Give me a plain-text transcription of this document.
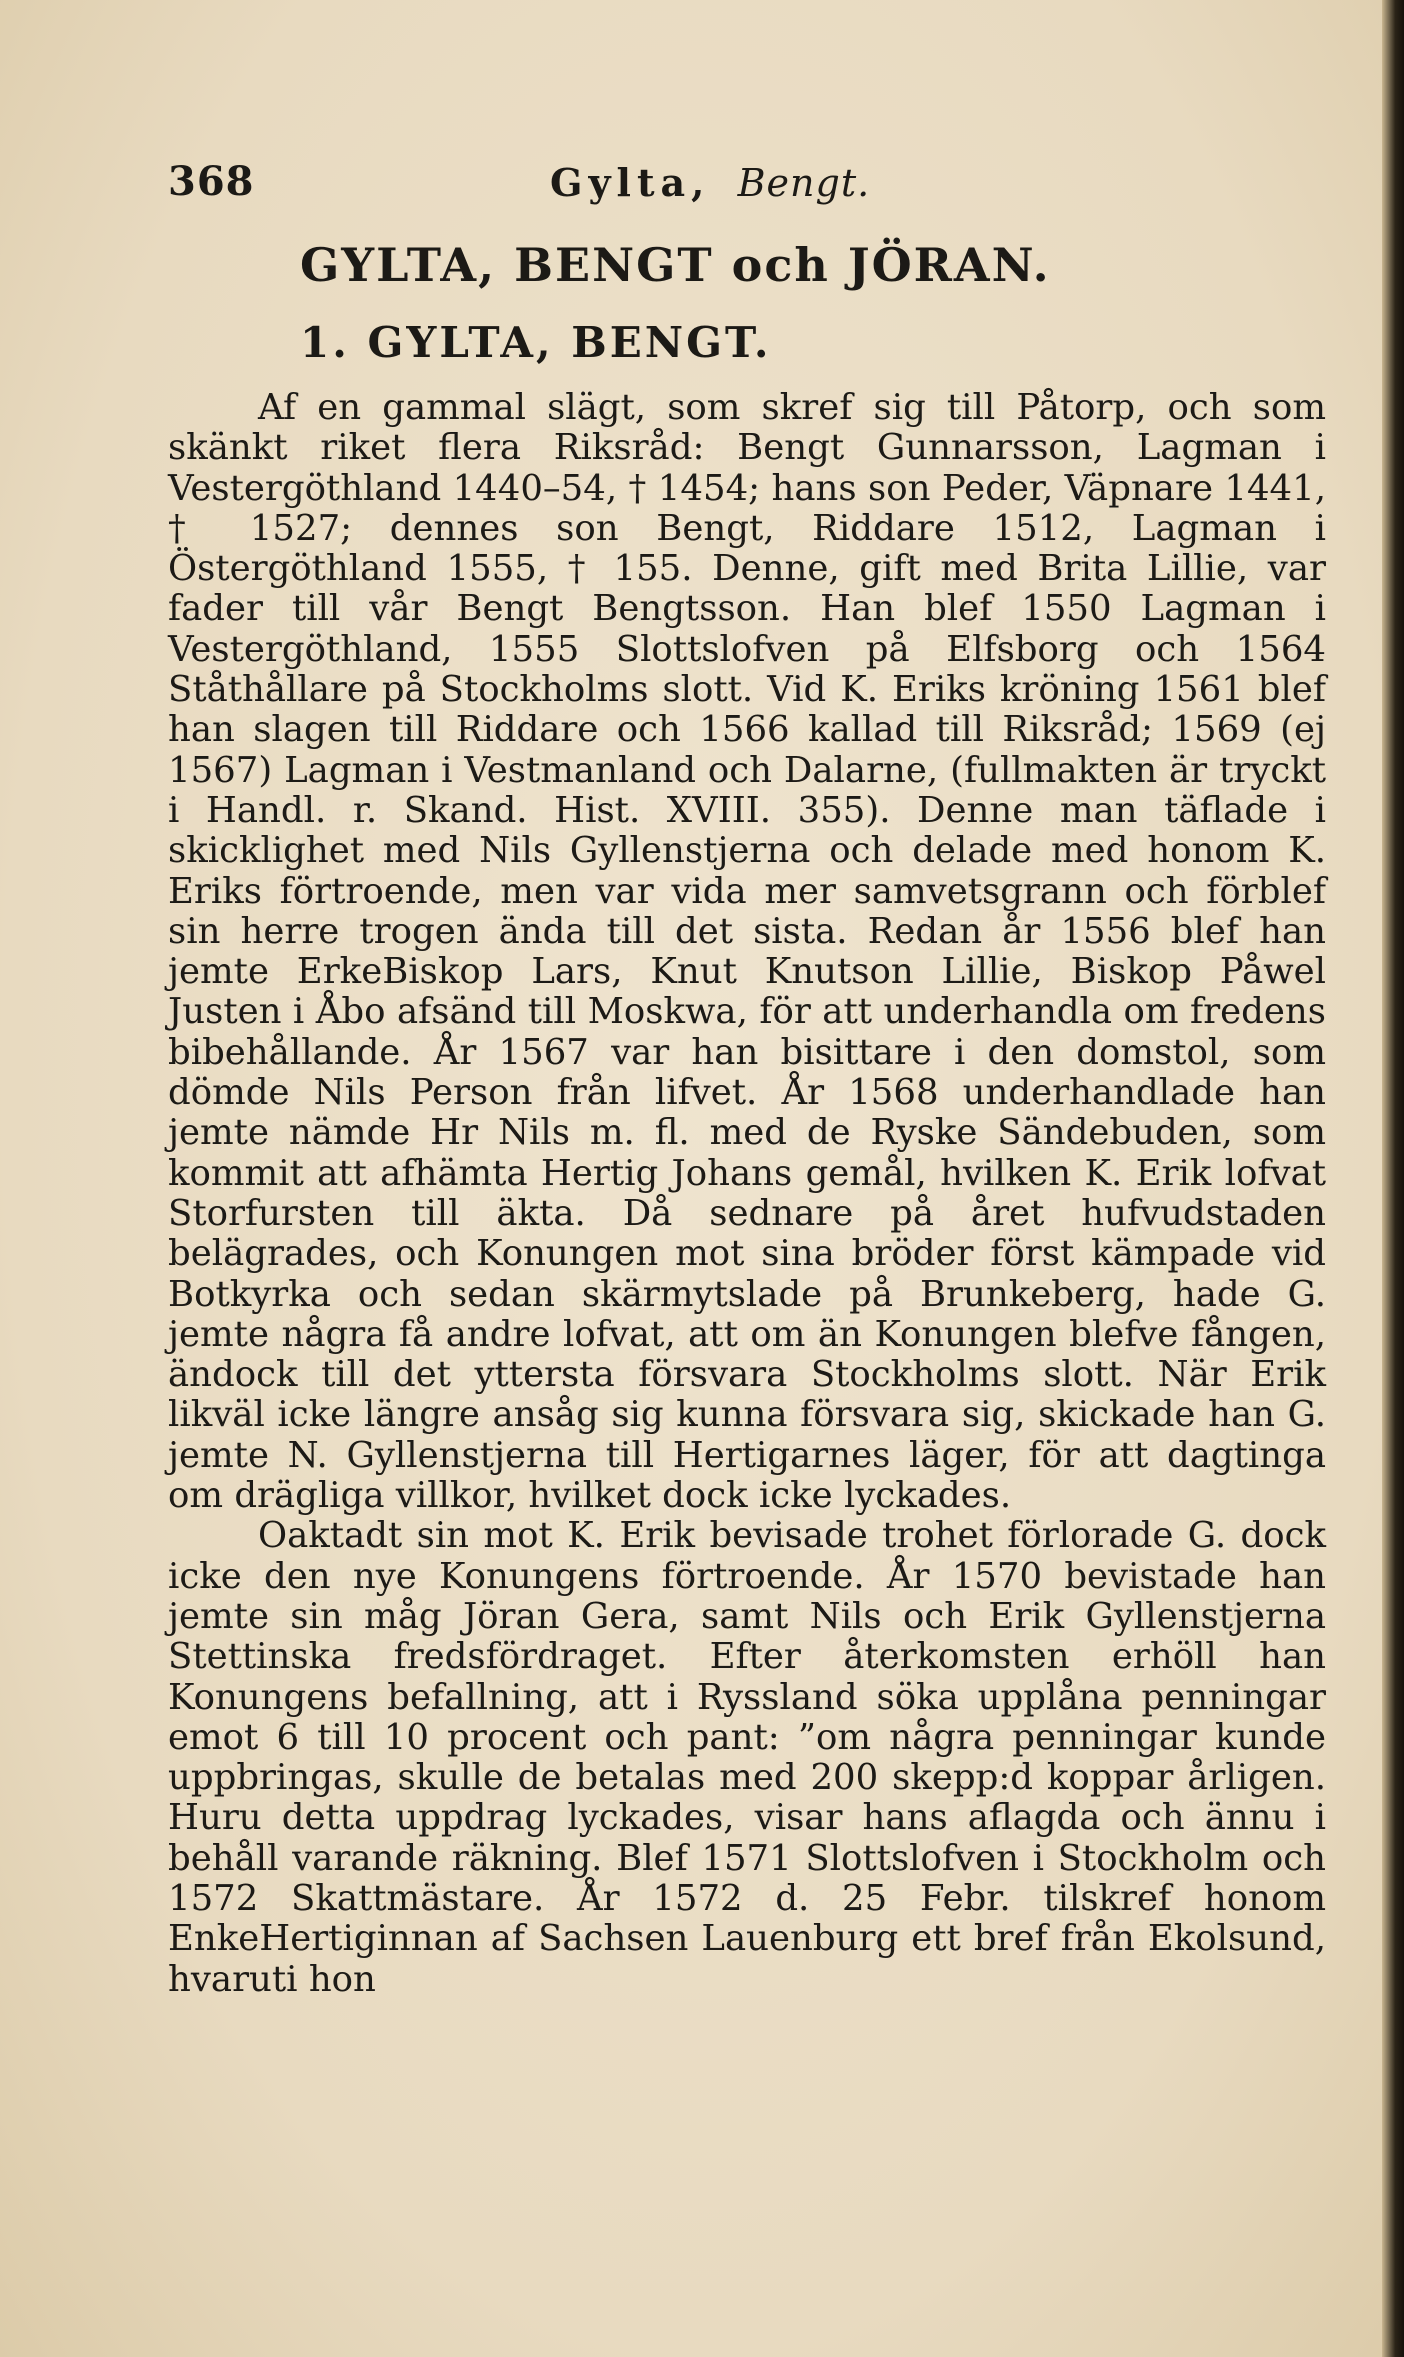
368	Gylta, Bengt.
GYLTA, BENGT och JÖRAN.
1. GYLTA, BENGT.

Af en gammal slägt, som skref sig till Påtorp, och som skänkt riket flera Riksråd: Bengt Gunnarsson, Lagman i Vestergöthland 1440–54, † 1454; hans son Peder, Väpnare 1441, † 1527; dennes son Bengt, Riddare 1512, Lagman i Östergöthland 1555, † 155. Denne, gift med Brita Lillie, var fader till vår Bengt Bengtsson. Han blef 1550 Lagman i Vestergöthland, 1555 Slottslofven på Elfsborg och 1564 Ståthållare på Stockholms slott. Vid K. Eriks kröning 1561 blef han slagen till Riddare och 1566 kallad till Riksråd; 1569 (ej 1567) Lagman i Vestmanland och Dalarne, (fullmakten är tryckt i Handl. r. Skand. Hist. XVIII. 355). Denne man täflade i skicklighet med Nils Gyllenstjerna och delade med honom K. Eriks förtroende, men var vida mer samvetsgrann och förblef sin herre trogen ända till det sista. Redan år 1556 blef han jemte ErkeBiskop Lars, Knut Knutson Lillie, Biskop Påwel Justen i Åbo afsänd till Moskwa, för att underhandla om fredens bibehållande. År 1567 var han bisittare i den domstol, som dömde Nils Person från lifvet. År 1568 underhandlade han jemte nämde Hr Nils m. fl. med de Ryske Sändebuden, som kommit att afhämta Hertig Johans gemål, hvilken K. Erik lofvat Storfursten till äkta. Då sednare på året hufvudstaden belägrades, och Konungen mot sina bröder först kämpade vid Botkyrka och sedan skärmytslade på Brunkeberg, hade G. jemte några få andre lofvat, att om än Konungen blefve fången, ändock till det yttersta försvara Stockholms slott. När Erik likväl icke längre ansåg sig kunna försvara sig, skickade han G. jemte N. Gyllenstjerna till Hertigarnes läger, för att dagtinga om drägliga villkor, hvilket dock icke lyckades.

Oaktadt sin mot K. Erik bevisade trohet förlorade G. dock icke den nye Konungens förtroende. År 1570 bevistade han jemte sin måg Jöran Gera, samt Nils och Erik Gyllenstjerna Stettinska fredsfördraget. Efter återkomsten erhöll han Konungens befallning, att i Ryssland söka upplåna penningar emot 6 till 10 procent och pant: ”om några penningar kunde uppbringas, skulle de betalas med 200 skepp:d koppar årligen. Huru detta uppdrag lyckades, visar hans aflagda och ännu i behåll varande räkning. Blef 1571 Slottslofven i Stockholm och 1572 Skattmästare. År 1572 d. 25 Febr. tilskref honom EnkeHertiginnan af Sachsen Lauenburg ett bref från Ekolsund, hvaruti hon
